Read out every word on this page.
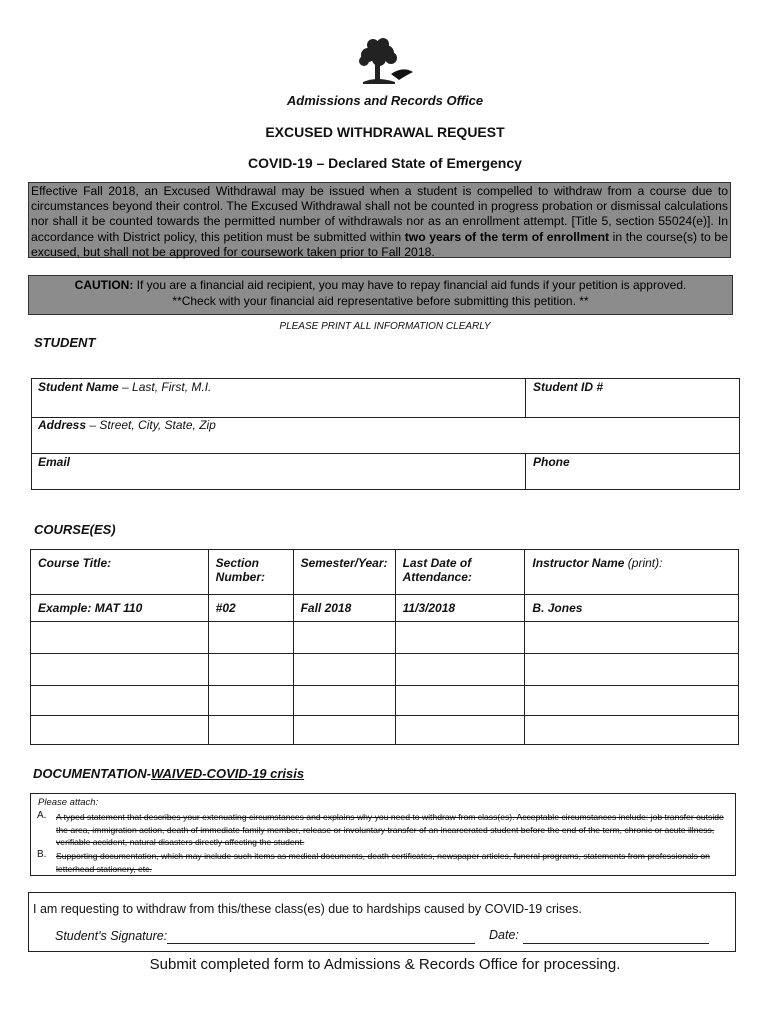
Admissions and Records Office
EXCUSED WITHDRAWAL REQUEST
COVID-19 – Declared State of Emergency
Effective Fall 2018, an Excused Withdrawal may be issued when a student is compelled to withdraw from a course due to circumstances beyond their control. The Excused Withdrawal shall not be counted in progress probation or dismissal calculations nor shall it be counted towards the permitted number of withdrawals nor as an enrollment attempt. [Title 5, section 55024(e)]. In accordance with District policy, this petition must be submitted within two years of the term of enrollment in the course(s) to be excused, but shall not be approved for coursework taken prior to Fall 2018.
CAUTION: If you are a financial aid recipient, you may have to repay financial aid funds if your petition is approved.
**Check with your financial aid representative before submitting this petition. **
PLEASE PRINT ALL INFORMATION CLEARLY
STUDENT
Student Name – Last, First, M.I.	Student ID #
Address – Street, City, State, Zip
Email	Phone
COURSE(ES)
Course Title:	Section Number:	Semester/Year:	Last Date of Attendance:	Instructor Name (print):
Example: MAT 110	#02	Fall 2018	11/3/2018	B. Jones

DOCUMENTATION-WAIVED-COVID-19 crisis
Please attach:
A. A typed statement that describes your extenuating circumstances and explains why you need to withdraw from class(es). Acceptable circumstances include: job transfer outside the area, immigration action, death of immediate family member, release or involuntary transfer of an incarcerated student before the end of the term, chronic or acute illness, verifiable accident, natural disasters directly affecting the student.
B. Supporting documentation, which may include such items as medical documents, death certificates, newspaper articles, funeral programs, statements from professionals on letterhead stationery, etc.
I am requesting to withdraw from this/these class(es) due to hardships caused by COVID-19 crises.
Student's Signature:	Date:
Submit completed form to Admissions & Records Office for processing.
